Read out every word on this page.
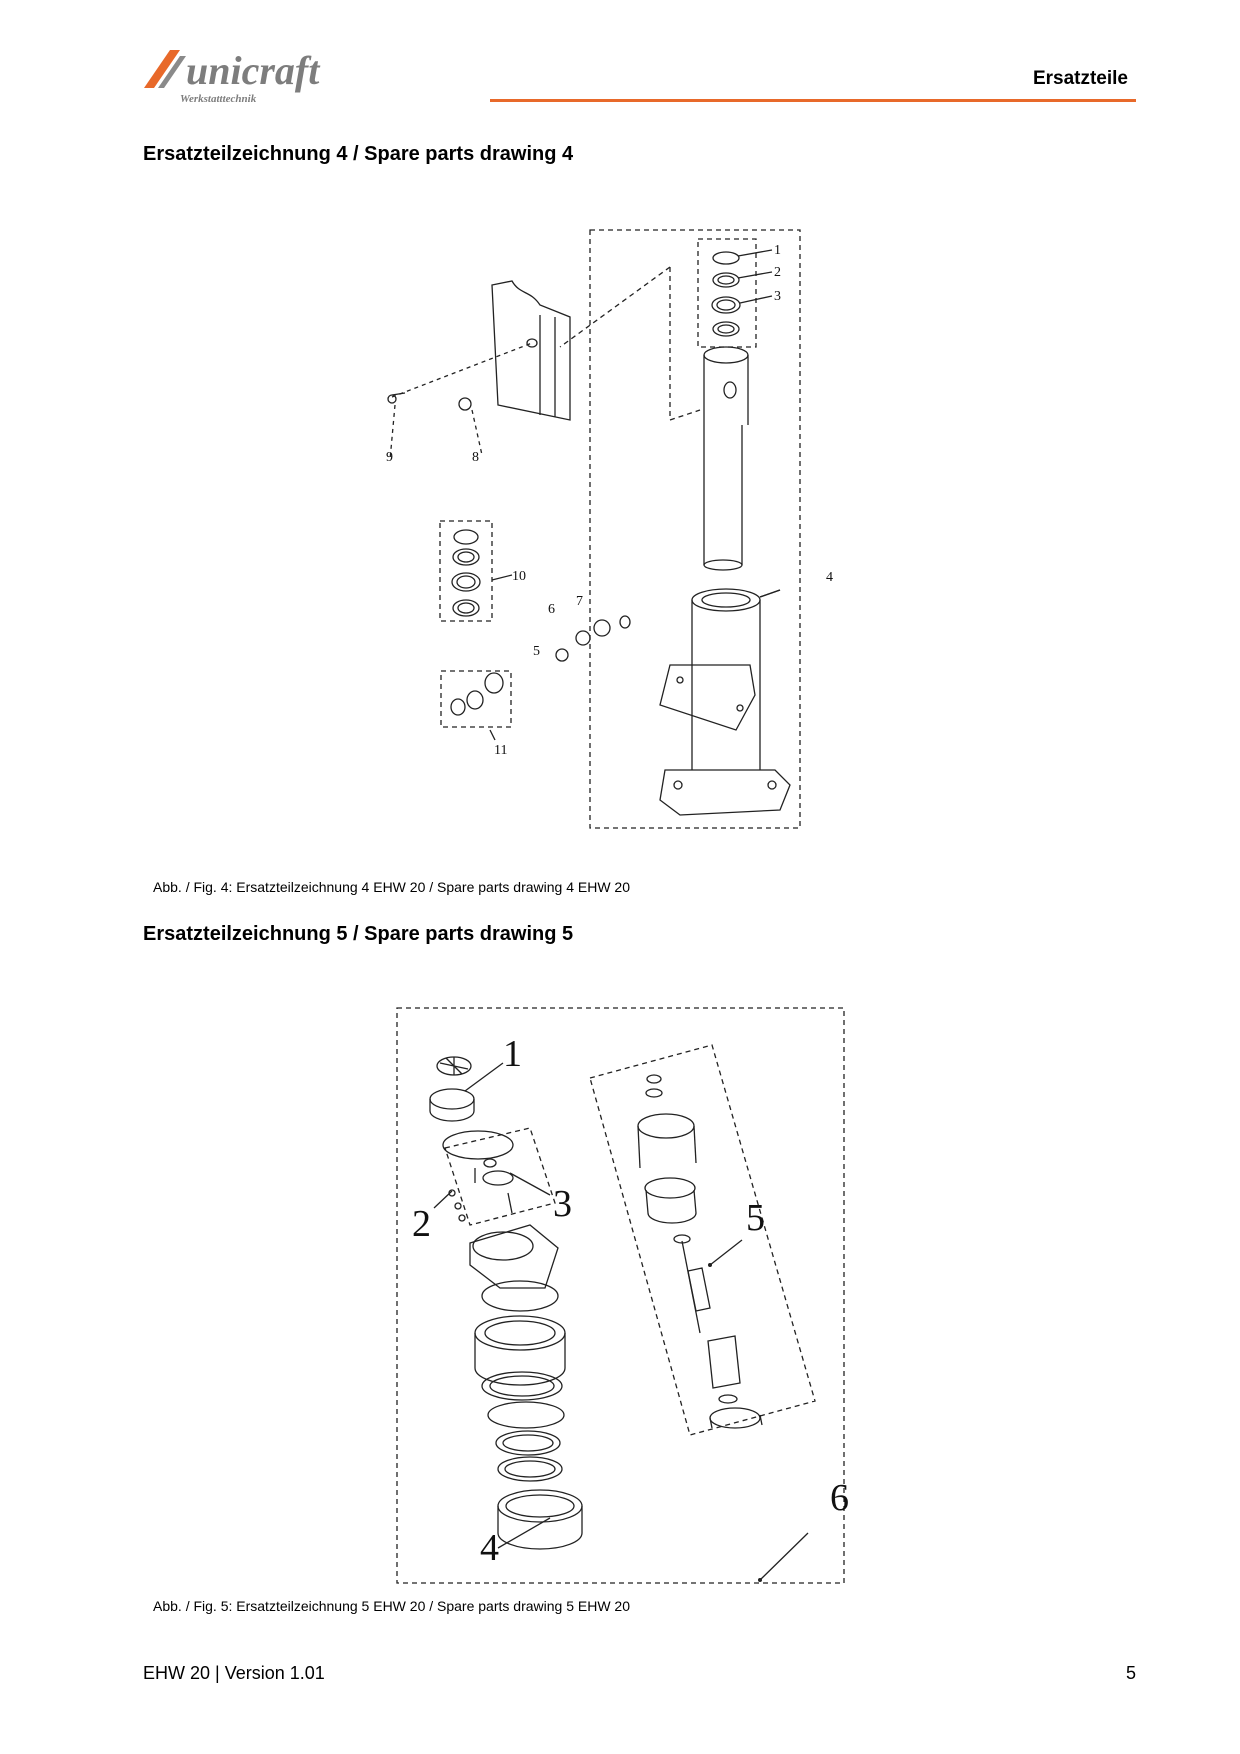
unicraft
Werkstatttechnik
Ersatzteile
Ersatzteilzeichnung 4 / Spare parts drawing 4
1
2
3
4
5
6
7
8
9
10
11
Abb. / Fig. 4: Ersatzteilzeichnung 4 EHW 20 / Spare parts drawing 4 EHW 20
Ersatzteilzeichnung 5 / Spare parts drawing 5
1
2	3
4
5
6
Abb. / Fig. 5: Ersatzteilzeichnung 5 EHW 20 / Spare parts drawing 5 EHW 20
EHW 20 | Version 1.01	5
